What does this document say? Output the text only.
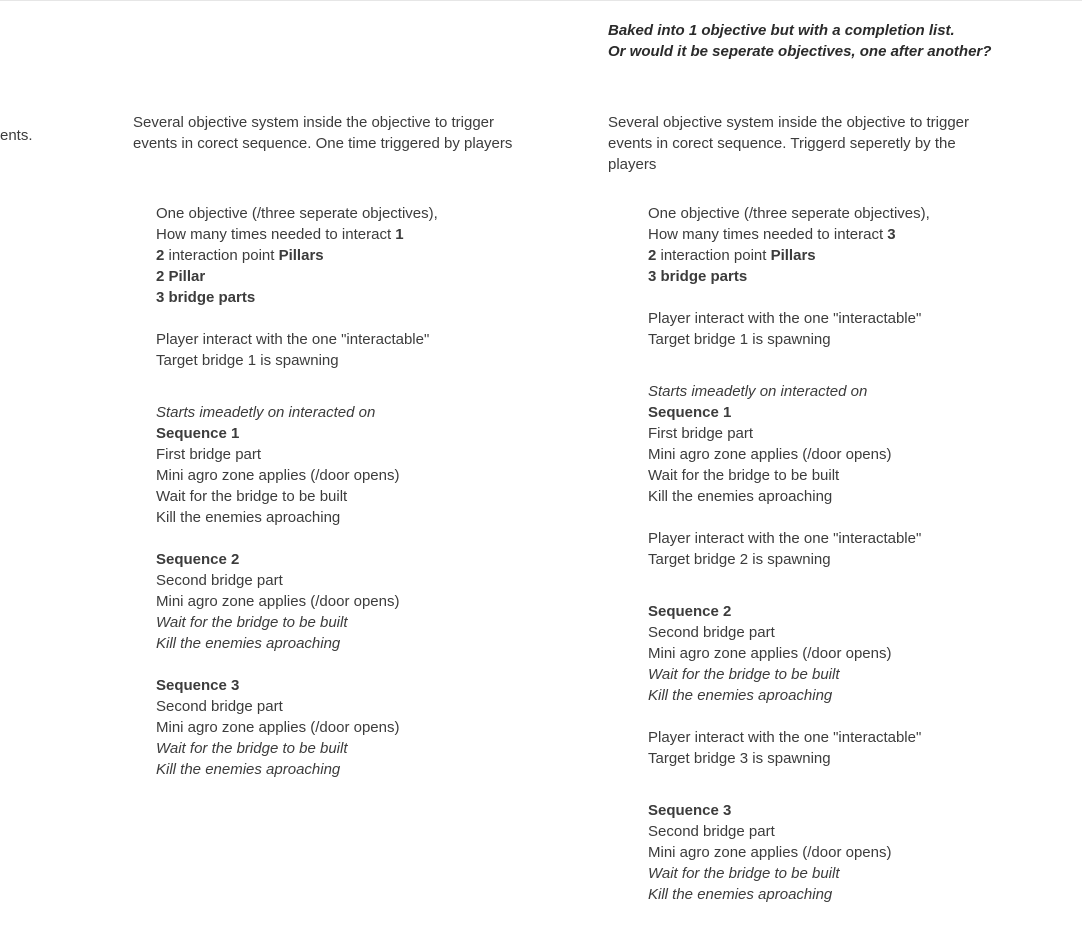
ents.
Baked into 1 objective but with a completion list.
Or would it be seperate objectives, one after another?
Several objective system inside the objective to trigger events in corect sequence. One time triggered by players
One objective (/three seperate objectives),
How many times needed to interact 1
2 interaction point Pillars
2 Pillar
3 bridge parts
Player interact with the one "interactable"
Target bridge 1 is spawning
Starts imeadetly on interacted on
Sequence 1
First bridge part
Mini agro zone applies (/door opens)
Wait for the bridge to be built
Kill the enemies aproaching
Sequence 2
Second bridge part
Mini agro zone applies (/door opens)
Wait for the bridge to be built
Kill the enemies aproaching
Sequence 3
Second bridge part
Mini agro zone applies (/door opens)
Wait for the bridge to be built
Kill the enemies aproaching
Several objective system inside the objective to trigger events in corect sequence. Triggerd seperetly by the players
One objective (/three seperate objectives),
How many times needed to interact 3
2 interaction point Pillars
3 bridge parts
Player interact with the one "interactable"
Target bridge 1 is spawning
Starts imeadetly on interacted on
Sequence 1
First bridge part
Mini agro zone applies (/door opens)
Wait for the bridge to be built
Kill the enemies aproaching
Player interact with the one "interactable"
Target bridge 2 is spawning
Sequence 2
Second bridge part
Mini agro zone applies (/door opens)
Wait for the bridge to be built
Kill the enemies aproaching
Player interact with the one "interactable"
Target bridge 3 is spawning
Sequence 3
Second bridge part
Mini agro zone applies (/door opens)
Wait for the bridge to be built
Kill the enemies aproaching
